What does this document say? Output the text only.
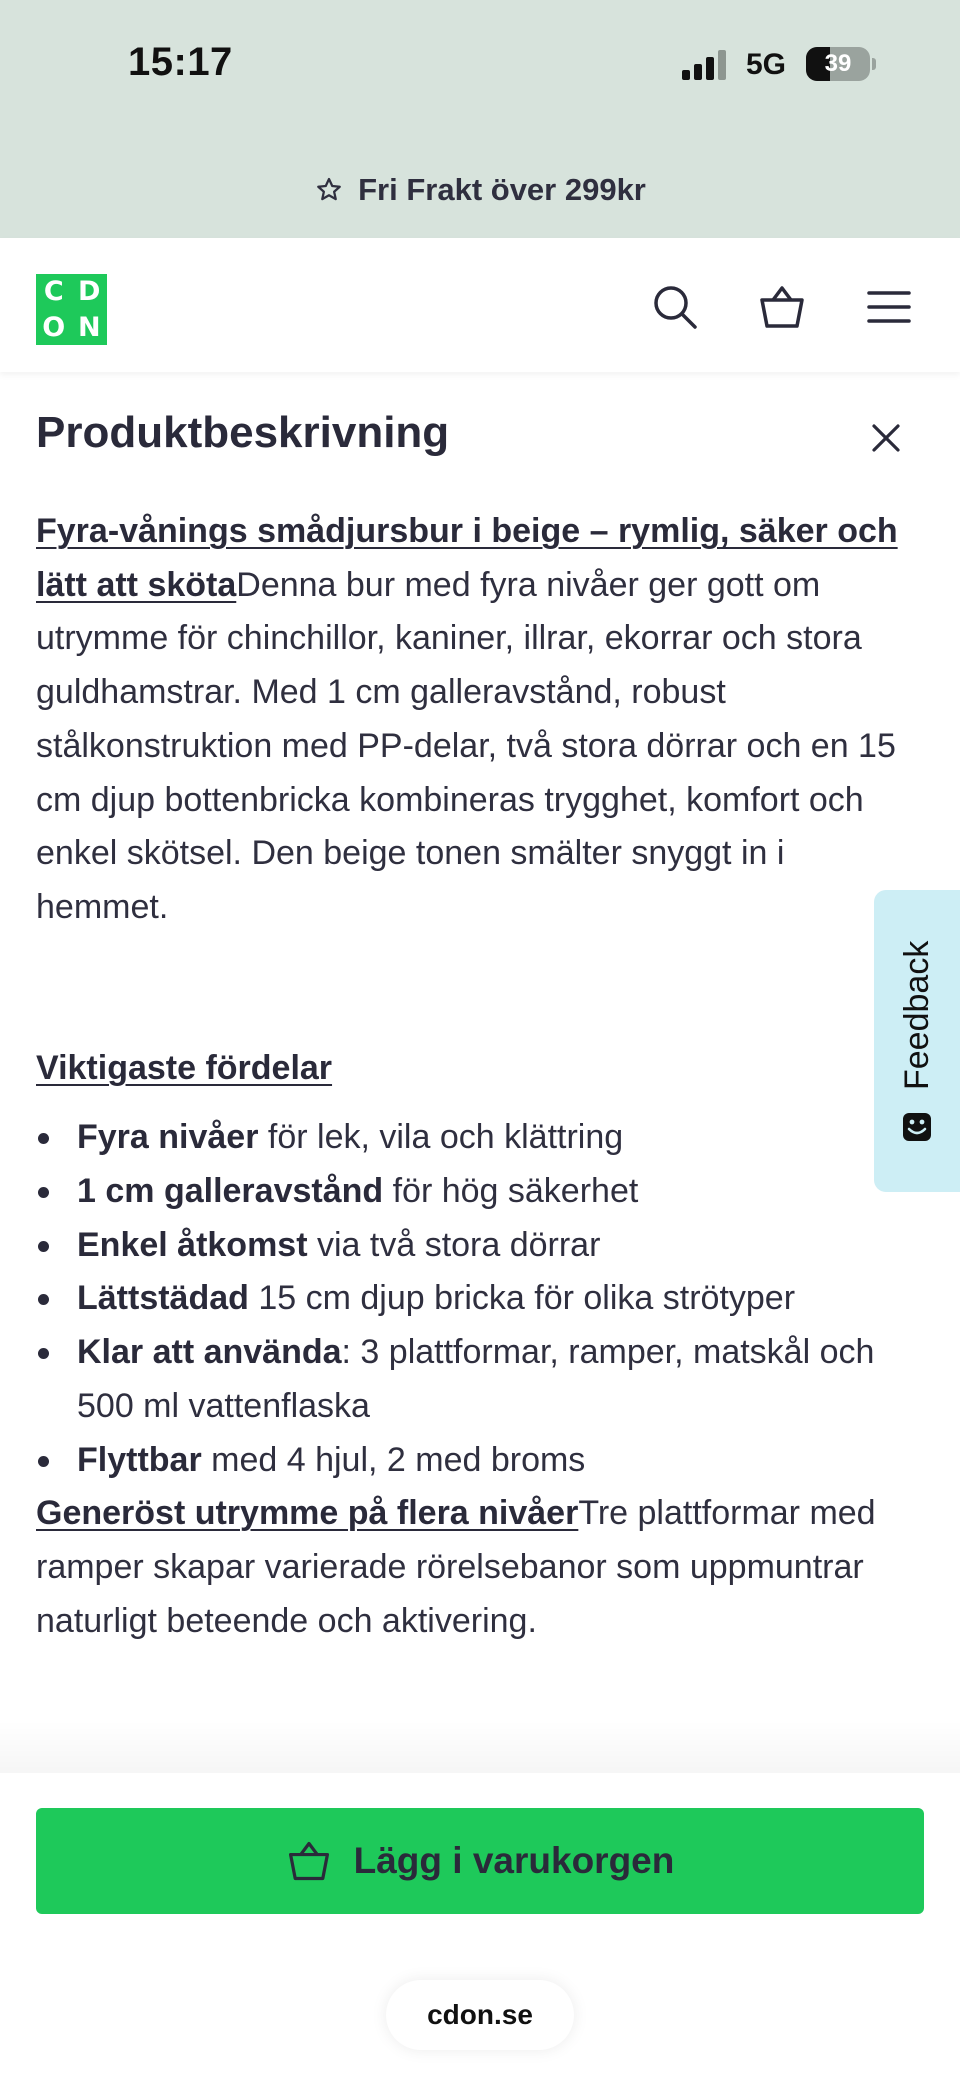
15:17	5G	39
Fri Frakt över 299kr
C D
O N
Produktbeskrivning

Fyra-vånings smådjursbur i beige – rymlig, säker och lätt att skötaDenna bur med fyra nivåer ger gott om utrymme för chinchillor, kaniner, illrar, ekorrar och stora guldhamstrar. Med 1 cm galleravstånd, robust stålkonstruktion med PP-delar, två stora dörrar och en 15 cm djup bottenbricka kombineras trygghet, komfort och enkel skötsel. Den beige tonen smälter snyggt in i hemmet.

Viktigaste fördelar

Fyra nivåer för lek, vila och klättring
1 cm galleravstånd för hög säkerhet
Enkel åtkomst via två stora dörrar
Lättstädad 15 cm djup bricka för olika strötyper
Klar att använda: 3 plattformar, ramper, matskål och 500 ml vattenflaska
Flyttbar med 4 hjul, 2 med broms

Generöst utrymme på flera nivåerTre plattformar med ramper skapar varierade rörelsebanor som uppmuntrar naturligt beteende och aktivering.

Feedback
Lägg i varukorgen
cdon.se
